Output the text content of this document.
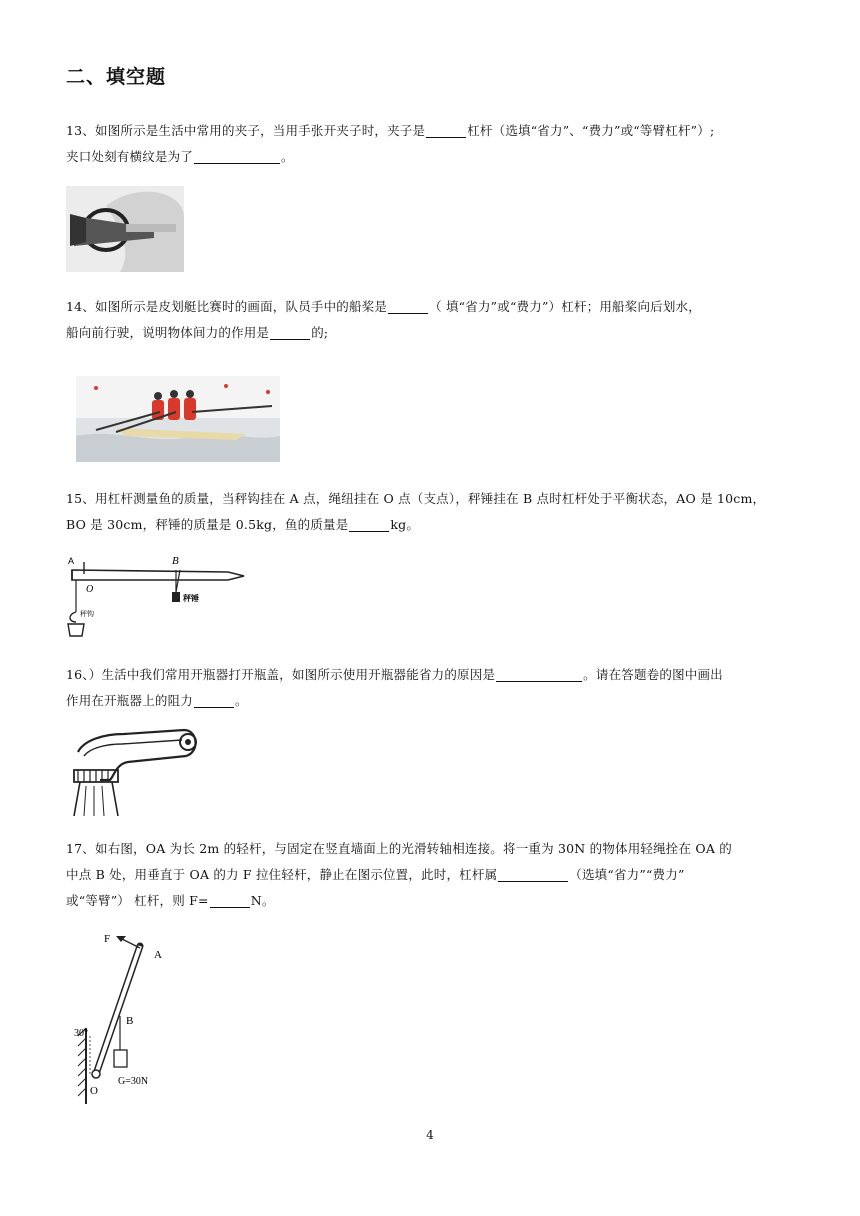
二、填空题
13、如图所示是生活中常用的夹子，当用手张开夹子时，夹子是	杠杆（选填“省力”、“费力”或“等臂杠杆”）;
夹口处刻有横纹是为了	。
14、如图所示是皮划艇比赛时的画面，队员手中的船桨是	（ 填“省力”或“费力”）杠杆；用船桨向后划水，
船向前行驶，说明物体间力的作用是	的;
15、用杠杆测量鱼的质量，当秤钩挂在 A 点，绳纽挂在 O 点（支点），秤锤挂在 B 点时杠杆处于平衡状态，AO 是 10cm，
BO 是 30cm，秤锤的质量是 0.5kg，鱼的质量是	kg。
A
O
B
秤钩
秤锤
16、）生活中我们常用开瓶器打开瓶盖，如图所示使用开瓶器能省力的原因是	。请在答题卷的图中画出
作用在开瓶器上的阻力	。
17、如右图，OA 为长 2m 的轻杆，与固定在竖直墙面上的光滑转轴相连接。将一重为 30N 的物体用轻绳拴在 OA 的
中点 B 处，用垂直于 OA 的力 F 拉住轻杆，静止在图示位置，此时，杠杆属	（选填“省力”“费力”
或“等臂”） 杠杆，则 F=	N。
F
A
B
O
30°
G=30N
4
